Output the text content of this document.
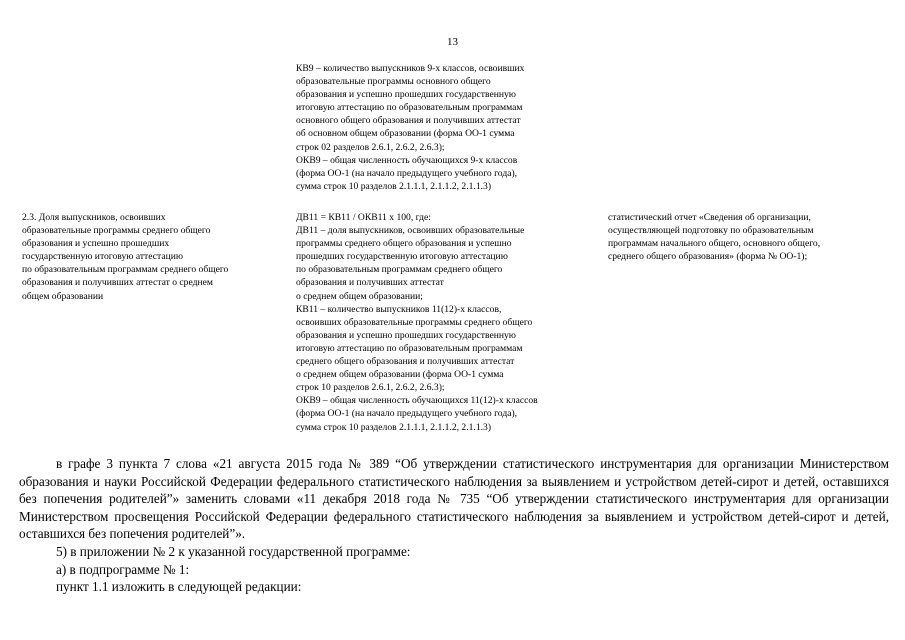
13
КВ9 – количество выпускников 9-х классов, освоивших
образовательные программы основного общего
образования и успешно прошедших государственную
итоговую аттестацию по образовательным программам
основного общего образования и получивших аттестат
об основном общем образовании (форма ОО-1 сумма
строк 02 разделов 2.6.1, 2.6.2, 2.6.3);
ОКВ9 – общая численность обучающихся 9-х классов
(форма ОО-1 (на начало предыдущего учебного года),
сумма строк 10 разделов 2.1.1.1, 2.1.1.2, 2.1.1.3)
2.3. Доля выпускников, освоивших
образовательные программы среднего общего
образования и успешно прошедших
государственную итоговую аттестацию
по образовательным программам среднего общего
образования и получивших аттестат о среднем
общем образовании
ДВ11 = КВ11 / ОКВ11 x 100, где:
ДВ11 – доля выпускников, освоивших образовательные
программы среднего общего образования и успешно
прошедших государственную итоговую аттестацию
по образовательным программам среднего общего
образования и получивших аттестат
о среднем общем образовании;
КВ11 – количество выпускников 11(12)-х классов,
освоивших образовательные программы среднего общего
образования и успешно прошедших государственную
итоговую аттестацию по образовательным программам
среднего общего образования и получивших аттестат
о среднем общем образовании (форма ОО-1 сумма
строк 10 разделов 2.6.1, 2.6.2, 2.6.3);
ОКВ9 – общая численность обучающихся 11(12)-х классов
(форма ОО-1 (на начало предыдущего учебного года),
сумма строк 10 разделов 2.1.1.1, 2.1.1.2, 2.1.1.3)
статистический отчет «Сведения об организации,
осуществляющей подготовку по образовательным
программам начального общего, основного общего,
среднего общего образования» (форма № ОО-1);
в графе 3 пункта 7 слова «21 августа 2015 года № 389 “Об утверждении статистического инструментария для организации Министерством образования и науки Российской Федерации федерального статистического наблюдения за выявлением и устройством детей-сирот и детей, оставшихся без попечения родителей”» заменить словами «11 декабря 2018 года № 735 “Об утверждении статистического инструментария для организации Министерством просвещения Российской Федерации федерального статистического наблюдения за выявлением и устройством детей-сирот и детей, оставшихся без попечения родителей”».
5) в приложении № 2 к указанной государственной программе:
а) в подпрограмме № 1:
пункт 1.1 изложить в следующей редакции:
